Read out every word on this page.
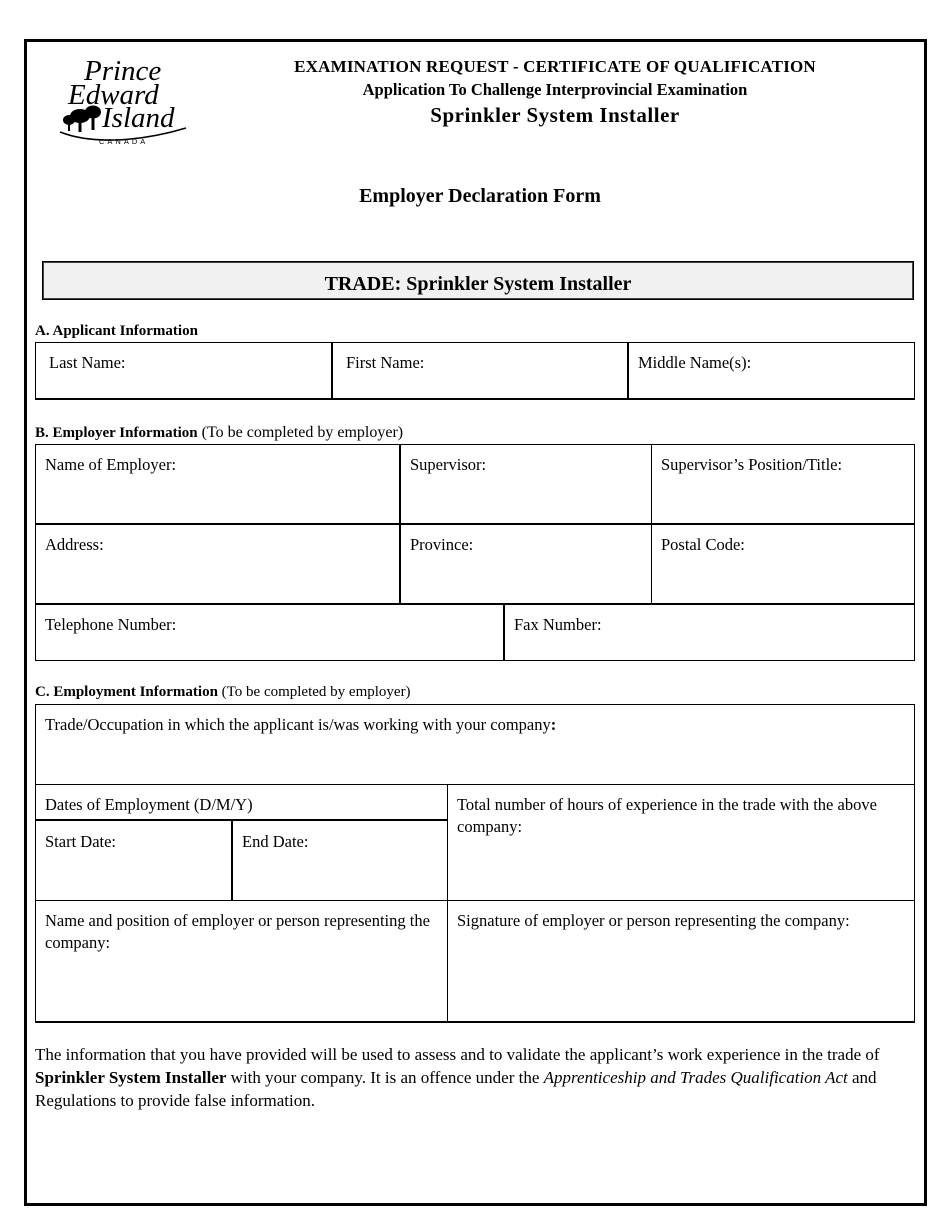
Prince
Edward
Island
CANADA
EXAMINATION REQUEST - CERTIFICATE OF QUALIFICATION
Application To Challenge Interprovincial Examination
Sprinkler System Installer
Employer Declaration Form
TRADE: Sprinkler System Installer
A. Applicant Information
Last Name:	First Name:	Middle Name(s):
B. Employer Information (To be completed by employer)
Name of Employer:	Supervisor:	Supervisor’s Position/Title:
Address:	Province:	Postal Code:
Telephone Number:	Fax Number:
C. Employment Information (To be completed by employer)
Trade/Occupation in which the applicant is/was working with your company:
Dates of Employment (D/M/Y)
Start Date:	End Date:
Total number of hours of experience in the trade with the above company:
Name and position of employer or person representing the company:
Signature of employer or person representing the company:
The information that you have provided will be used to assess and to validate the applicant’s work experience in the trade of Sprinkler System Installer with your company. It is an offence under the Apprenticeship and Trades Qualification Act and Regulations to provide false information.
